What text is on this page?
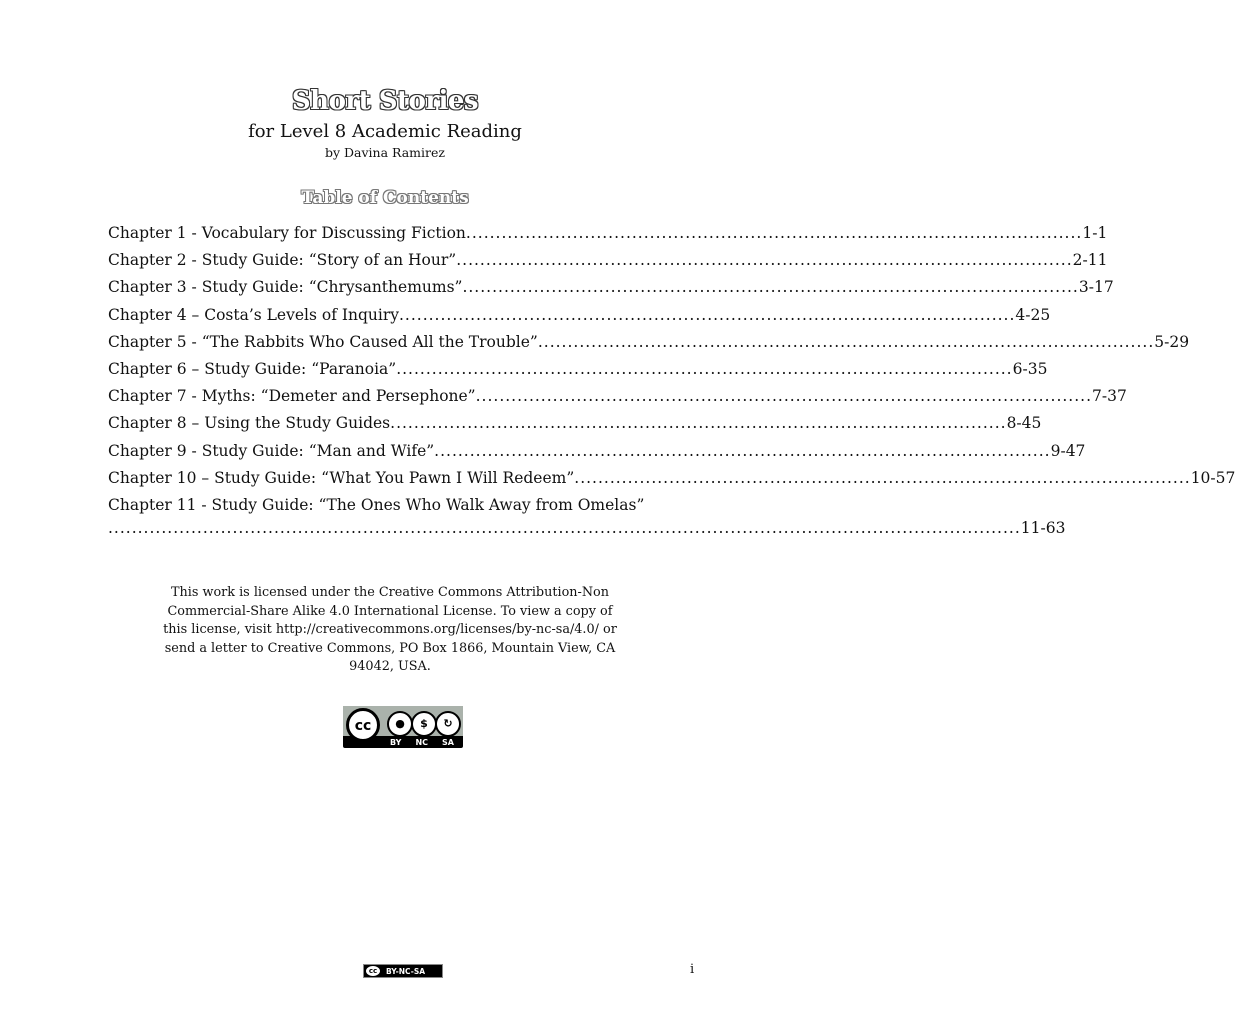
Short Stories
for Level 8 Academic Reading
by Davina Ramirez
Table of Contents
Chapter 1 - Vocabulary for Discussing Fiction ........................................................................................................ 1-1
Chapter 2 - Study Guide: “Story of an Hour” ........................................................................................................ 2-11
Chapter 3 - Study Guide: “Chrysanthemums” ........................................................................................................ 3-17
Chapter 4 – Costa’s Levels of Inquiry ........................................................................................................ 4-25
Chapter 5 - “The Rabbits Who Caused All the Trouble” ........................................................................................................ 5-29
Chapter 6 – Study Guide: “Paranoia” ........................................................................................................ 6-35
Chapter 7 - Myths: “Demeter and Persephone” ........................................................................................................ 7-37
Chapter 8 – Using the Study Guides ........................................................................................................ 8-45
Chapter 9 - Study Guide: “Man and Wife” ........................................................................................................ 9-47
Chapter 10 – Study Guide: “What You Pawn I Will Redeem” ........................................................................................................ 10-57
Chapter 11 - Study Guide: “The Ones Who Walk Away from Omelas”
.......................................................................................................................................................... 11-63
This work is licensed under the Creative Commons Attribution-Non Commercial-Share Alike 4.0 International License. To view a copy of this license, visit http://creativecommons.org/licenses/by-nc-sa/4.0/ or send a letter to Creative Commons, PO Box 1866, Mountain View, CA 94042, USA.
cc	●	$	↻
BY NC SA
cc	BY-NC-SA	i
